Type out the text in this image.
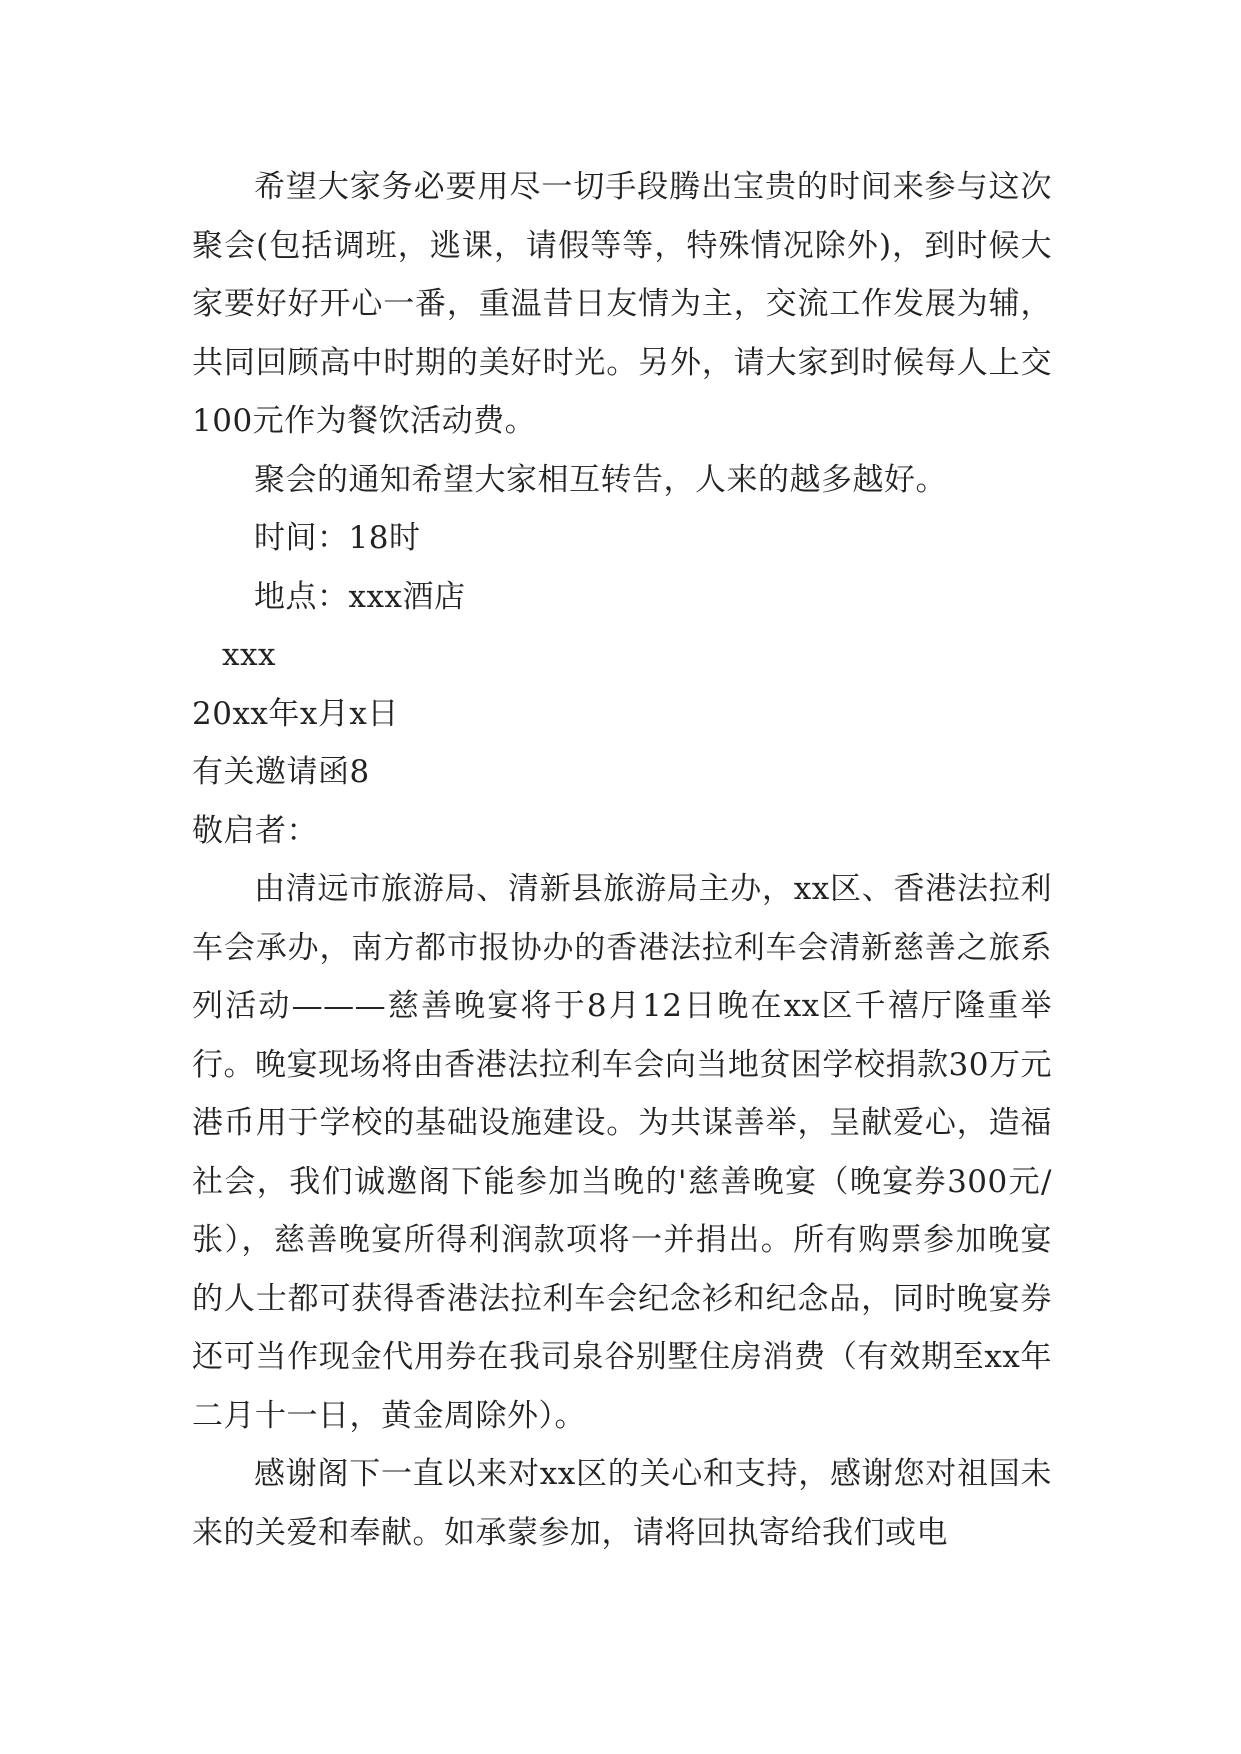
希望大家务必要用尽一切手段腾出宝贵的时间来参与这次聚会(包括调班，逃课，请假等等，特殊情况除外)，到时候大家要好好开心一番，重温昔日友情为主，交流工作发展为辅，共同回顾高中时期的美好时光。另外，请大家到时候每人上交100元作为餐饮活动费。

聚会的通知希望大家相互转告，人来的越多越好。

时间：18时

地点：xxx酒店

xxx

20xx年x月x日

有关邀请函8

敬启者：

由清远市旅游局、清新县旅游局主办，xx区、香港法拉利车会承办，南方都市报协办的香港法拉利车会清新慈善之旅系列活动———慈善晚宴将于8月12日晚在xx区千禧厅隆重举行。晚宴现场将由香港法拉利车会向当地贫困学校捐款30万元港币用于学校的基础设施建设。为共谋善举，呈献爱心，造福社会，我们诚邀阁下能参加当晚的'慈善晚宴（晚宴券300元/张），慈善晚宴所得利润款项将一并捐出。所有购票参加晚宴的人士都可获得香港法拉利车会纪念衫和纪念品，同时晚宴券还可当作现金代用券在我司泉谷别墅住房消费（有效期至xx年二月十一日，黄金周除外）。

感谢阁下一直以来对xx区的关心和支持，感谢您对祖国未来的关爱和奉献。如承蒙参加，请将回执寄给我们或电
